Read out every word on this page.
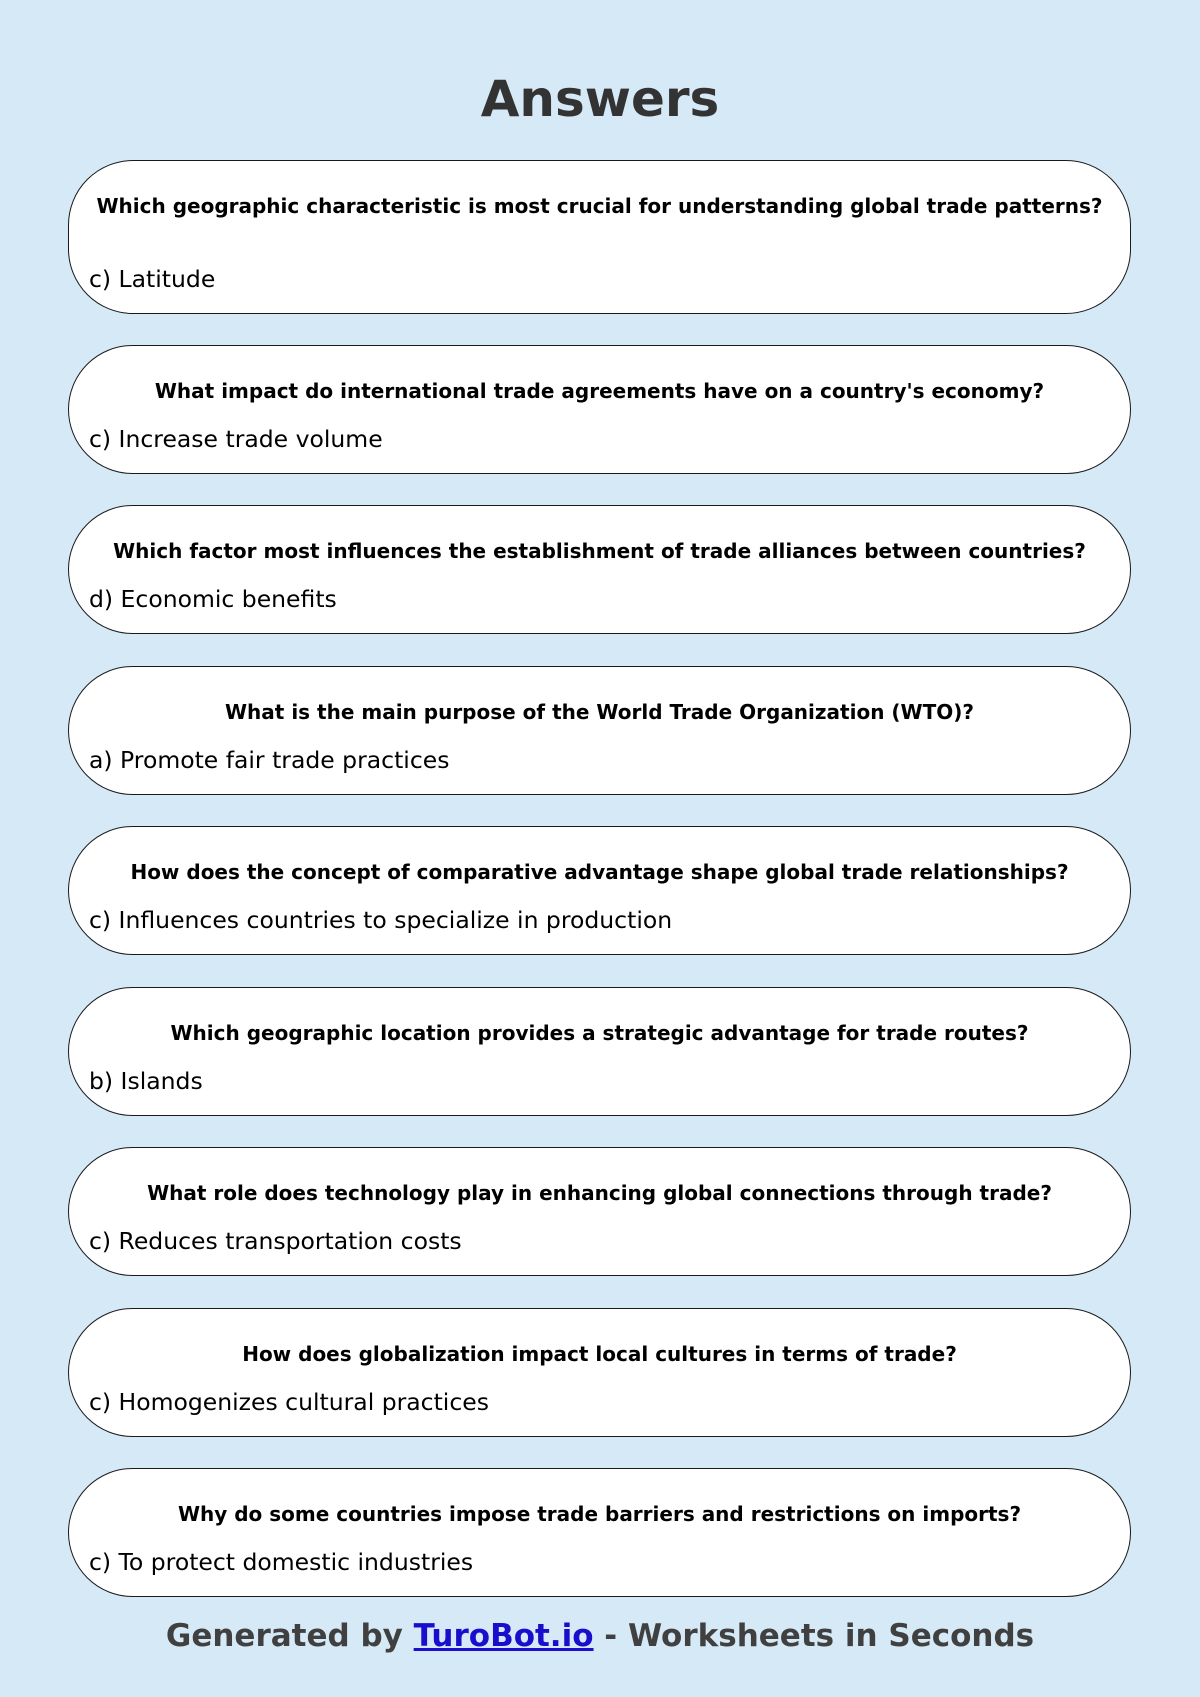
Answers
Which geographic characteristic is most crucial for understanding global trade patterns?
c) Latitude
What impact do international trade agreements have on a country's economy?
c) Increase trade volume
Which factor most influences the establishment of trade alliances between countries?
d) Economic benefits
What is the main purpose of the World Trade Organization (WTO)?
a) Promote fair trade practices
How does the concept of comparative advantage shape global trade relationships?
c) Influences countries to specialize in production
Which geographic location provides a strategic advantage for trade routes?
b) Islands
What role does technology play in enhancing global connections through trade?
c) Reduces transportation costs
How does globalization impact local cultures in terms of trade?
c) Homogenizes cultural practices
Why do some countries impose trade barriers and restrictions on imports?
c) To protect domestic industries
Generated by TuroBot.io - Worksheets in Seconds
